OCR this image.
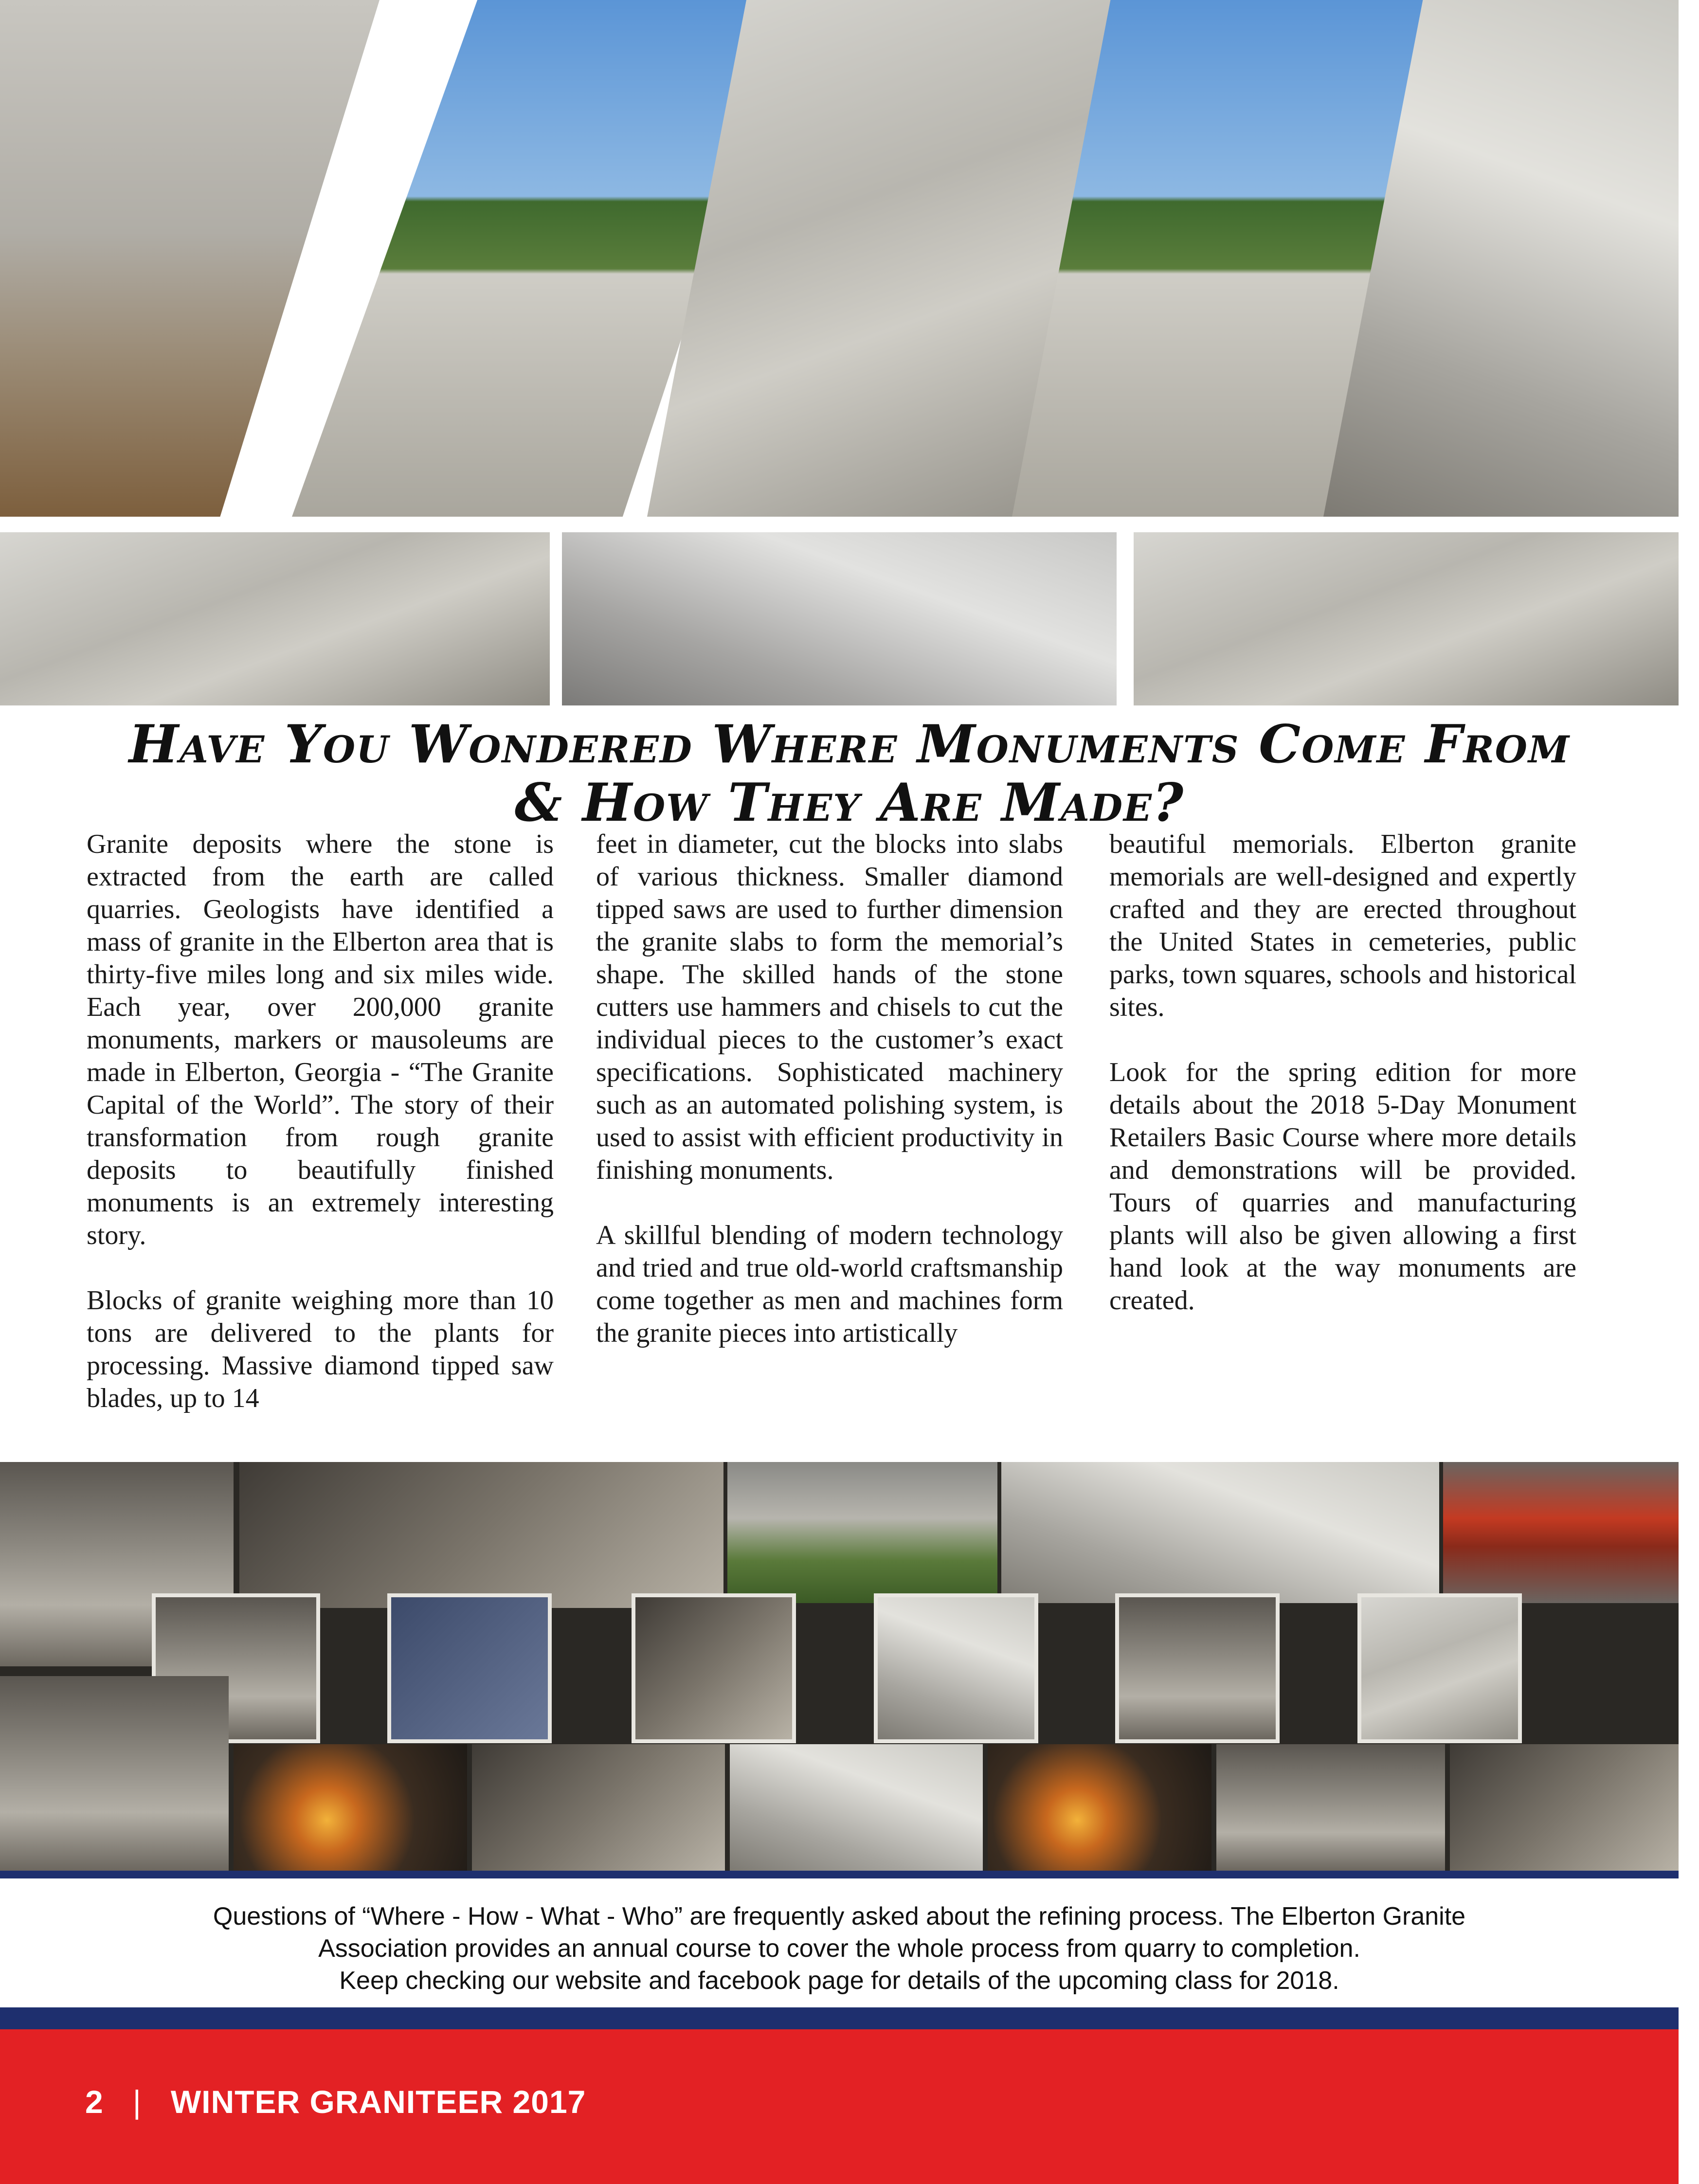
Have You Wondered Where Monuments Come From
& How They Are Made?

Granite deposits where the stone is extracted from the earth are called quarries. Geologists have identified a mass of granite in the Elberton area that is thirty-five miles long and six miles wide. Each year, over 200,000 granite monuments, markers or mausoleums are made in Elberton, Georgia - “The Granite Capital of the World”. The story of their transformation from rough granite deposits to beautifully finished monuments is an extremely interesting story.

Blocks of granite weighing more than 10 tons are delivered to the plants for processing. Massive diamond tipped saw blades, up to 14

feet in diameter, cut the blocks into slabs of various thickness. Smaller diamond tipped saws are used to further dimension the granite slabs to form the memorial’s shape. The skilled hands of the stone cutters use hammers and chisels to cut the individual pieces to the customer’s exact specifications. Sophisticated machinery such as an automated polishing system, is used to assist with efficient productivity in finishing monuments.

A skillful blending of modern technology and tried and true old-world craftsmanship come together as men and machines form the granite pieces into artistically

beautiful memorials. Elberton granite memorials are well-designed and expertly crafted and they are erected throughout the United States in cemeteries, public parks, town squares, schools and historical sites.

Look for the spring edition for more details about the 2018 5-Day Monument Retailers Basic Course where more details and demonstrations will be provided. Tours of quarries and manufacturing plants will also be given allowing a first hand look at the way monuments are created.

Questions of “Where - How - What - Who” are frequently asked about the refining process. The Elberton Granite
Association provides an annual course to cover the whole process from quarry to completion.
Keep checking our website and facebook page for details of the upcoming class for 2018.
2 | WINTER GRANITEER 2017
